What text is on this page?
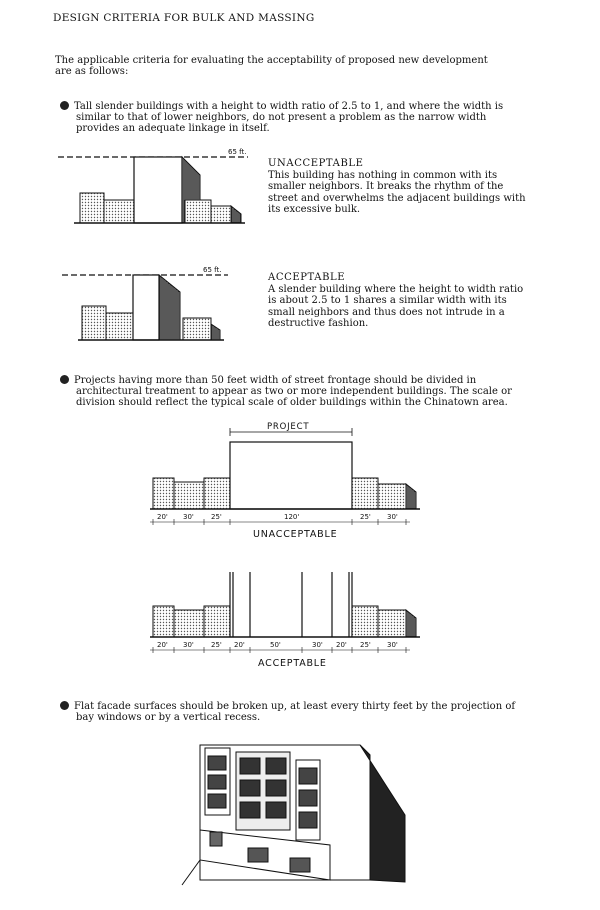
DESIGN CRITERIA FOR BULK AND MASSING
The applicable criteria for evaluating the acceptability of proposed new development are as follows:
Tall slender buildings with a height to width ratio of 2.5 to 1, and where the width is
similar to that of lower neighbors, do not present a problem as the narrow width provides an adequate linkage in itself.
65 ft.
65 ft.
UNACCEPTABLE
This building has nothing in common with its smaller neighbors. It breaks the rhythm of the street and overwhelms the adjacent buildings with its excessive bulk.
ACCEPTABLE
A slender building where the height to width ratio is about 2.5 to 1 shares a similar width with its small neighbors and thus does not intrude in a destructive fashion.
Projects having more than 50 feet width of street frontage should be divided in
architectural treatment to appear as two or more independent buildings. The scale or division should reflect the typical scale of older buildings within the Chinatown area.
PROJECT
20' 30' 25'	120'	25' 30'
UNACCEPTABLE
20' 30' 25' 20'	50'	30' 20' 25' 30'
ACCEPTABLE
Flat facade surfaces should be broken up, at least every thirty feet by the projection of
bay windows or by a vertical recess.
